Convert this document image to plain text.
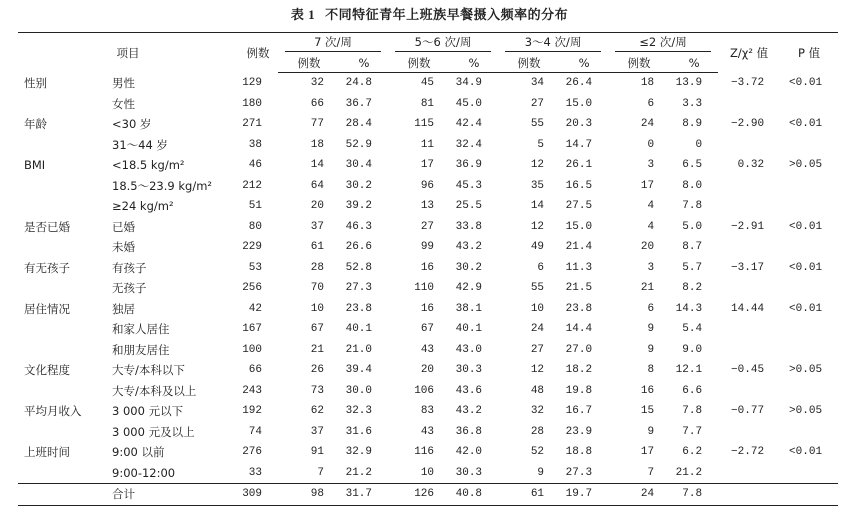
表 1 不同特征青年上班族早餐摄入频率的分布
项目		例数	7 次/周		5～6 次/周		3～4 次/周		≤2 次/周		Z/χ² 值	P 值
			例数	%	例数	%	例数	%	例数	%		
性别	男性	129	32	24.8	45	34.9	34	26.4	18	13.9	−3.72	<0.01
	女性	180	66	36.7	81	45.0	27	15.0	6	3.3		
年龄	<30 岁	271	77	28.4	115	42.4	55	20.3	24	8.9	−2.90	<0.01
	31～44 岁	38	18	52.9	11	32.4	5	14.7	0	0		
BMI	<18.5 kg/m²	46	14	30.4	17	36.9	12	26.1	3	6.5	0.32	>0.05
	18.5～23.9 kg/m²	212	64	30.2	96	45.3	35	16.5	17	8.0		
	≥24 kg/m²	51	20	39.2	13	25.5	14	27.5	4	7.8		
是否已婚	已婚	80	37	46.3	27	33.8	12	15.0	4	5.0	−2.91	<0.01
	未婚	229	61	26.6	99	43.2	49	21.4	20	8.7		
有无孩子	有孩子	53	28	52.8	16	30.2	6	11.3	3	5.7	−3.17	<0.01
	无孩子	256	70	27.3	110	42.9	55	21.5	21	8.2		
居住情况	独居	42	10	23.8	16	38.1	10	23.8	6	14.3	14.44	<0.01
	和家人居住	167	67	40.1	67	40.1	24	14.4	9	5.4		
	和朋友居住	100	21	21.0	43	43.0	27	27.0	9	9.0		
文化程度	大专/本科以下	66	26	39.4	20	30.3	12	18.2	8	12.1	−0.45	>0.05
	大专/本科及以上	243	73	30.0	106	43.6	48	19.8	16	6.6		
平均月收入	3 000 元以下	192	62	32.3	83	43.2	32	16.7	15	7.8	−0.77	>0.05
	3 000 元及以上	74	37	31.6	43	36.8	28	23.9	9	7.7		
上班时间	9:00 以前	276	91	32.9	116	42.0	52	18.8	17	6.2	−2.72	<0.01
	9:00-12:00	33	7	21.2	10	30.3	9	27.3	7	21.2		
	合计	309	98	31.7	126	40.8	61	19.7	24	7.8		
